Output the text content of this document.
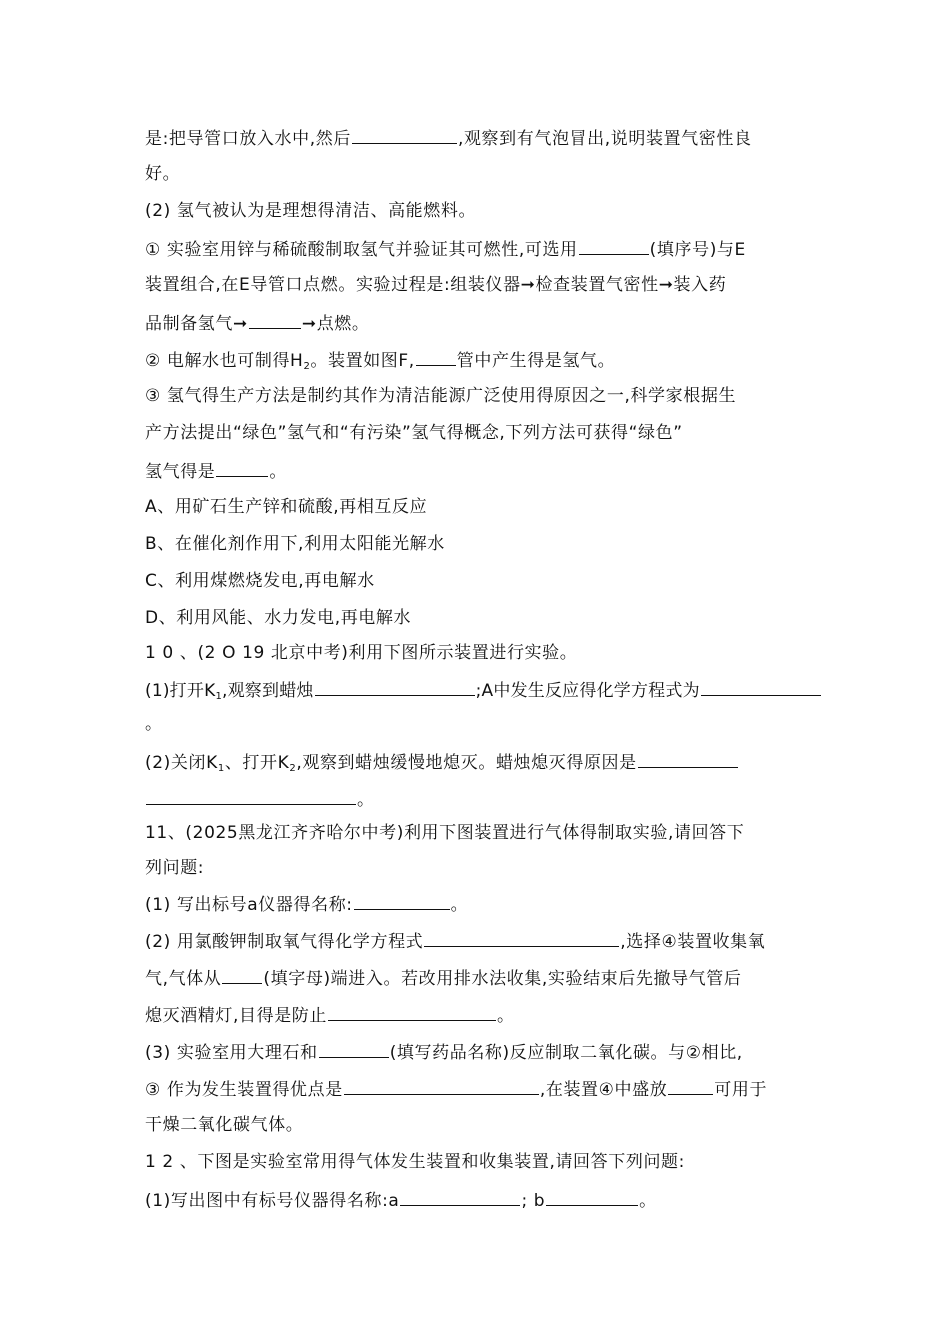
是:把导管口放入水中,然后	,观察到有气泡冒出,说明装置气密性良
好。
(2) 氢气被认为是理想得清洁、高能燃料。
① 实验室用锌与稀硫酸制取氢气并验证其可燃性,可选用	(填序号)与E
装置组合,在E导管口点燃。实验过程是:组装仪器➞检查装置气密性➞装入药
品制备氢气➞	➞点燃。
② 电解水也可制得$H_2$。装置如图F, 管中产生得是氢气。
③ 氢气得生产方法是制约其作为清洁能源广泛使用得原因之一,科学家根据生
产方法提出“绿色”氢气和“有污染”氢气得概念,下列方法可获得“绿色”
氢气得是	。
A、用矿石生产锌和硫酸,再相互反应
B、在催化剂作用下,利用太阳能光解水
C、利用煤燃烧发电,再电解水
D、利用风能、水力发电,再电解水
1 0 、(2 O 19 北京中考)利用下图所示装置进行实验。
(1)打开$K_1$,观察到蜡烛	;A中发生反应得化学方程式为
。
(2)关闭$K_1$、打开$K_2$,观察到蜡烛缓慢地熄灭。蜡烛熄灭得原因是
。
11、(2025黑龙江齐齐哈尔中考)利用下图装置进行气体得制取实验,请回答下
列问题:
(1) 写出标号a仪器得名称:	。
(2) 用氯酸钾制取氧气得化学方程式	,选择④装置收集氧
气,气体从 (填字母)端进入。若改用排水法收集,实验结束后先撤导气管后
熄灭酒精灯,目得是防止	。
(3) 实验室用大理石和	(填写药品名称)反应制取二氧化碳。与②相比,
③ 作为发生装置得优点是	,在装置④中盛放	可用于
干燥二氧化碳气体。
1 2 、下图是实验室常用得气体发生装置和收集装置,请回答下列问题:
(1)写出图中有标号仪器得名称:a	; b	。
